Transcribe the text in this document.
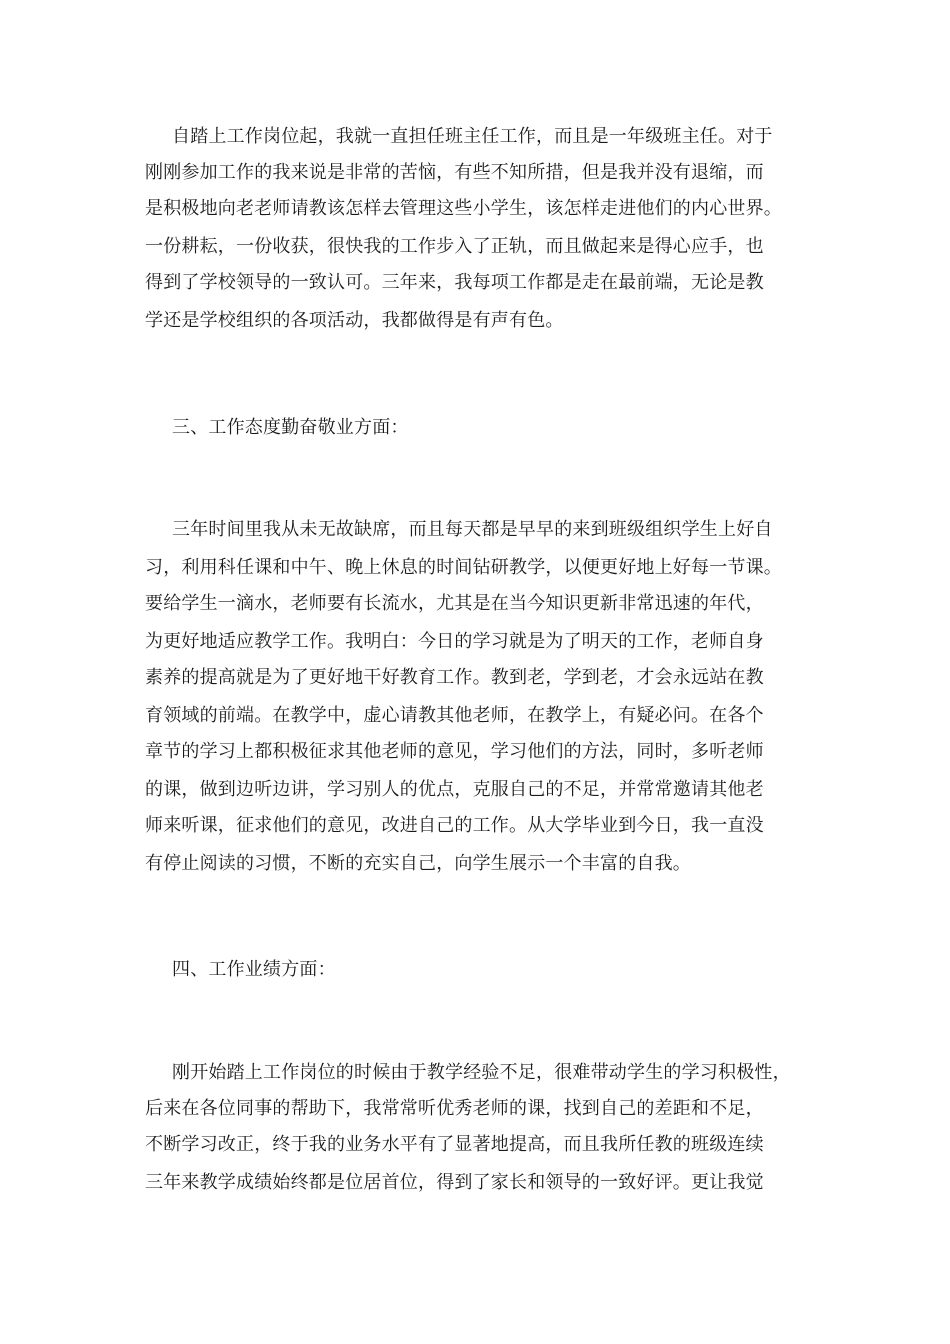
自踏上工作岗位起，我就一直担任班主任工作，而且是一年级班主任。对于
刚刚参加工作的我来说是非常的苦恼，有些不知所措，但是我并没有退缩，而
是积极地向老老师请教该怎样去管理这些小学生，该怎样走进他们的内心世界。
一份耕耘，一份收获，很快我的工作步入了正轨，而且做起来是得心应手，也
得到了学校领导的一致认可。三年来，我每项工作都是走在最前端，无论是教
学还是学校组织的各项活动，我都做得是有声有色。
三、工作态度勤奋敬业方面：
三年时间里我从未无故缺席，而且每天都是早早的来到班级组织学生上好自
习，利用科任课和中午、晚上休息的时间钻研教学，以便更好地上好每一节课。
要给学生一滴水，老师要有长流水，尤其是在当今知识更新非常迅速的年代，
为更好地适应教学工作。我明白：今日的学习就是为了明天的工作，老师自身
素养的提高就是为了更好地干好教育工作。教到老，学到老，才会永远站在教
育领域的前端。在教学中，虚心请教其他老师，在教学上，有疑必问。在各个
章节的学习上都积极征求其他老师的意见，学习他们的方法，同时，多听老师
的课，做到边听边讲，学习别人的优点，克服自己的不足，并常常邀请其他老
师来听课，征求他们的意见，改进自己的工作。从大学毕业到今日，我一直没
有停止阅读的习惯，不断的充实自己，向学生展示一个丰富的自我。
四、工作业绩方面：
刚开始踏上工作岗位的时候由于教学经验不足，很难带动学生的学习积极性，
后来在各位同事的帮助下，我常常听优秀老师的课，找到自己的差距和不足，
不断学习改正，终于我的业务水平有了显著地提高，而且我所任教的班级连续
三年来教学成绩始终都是位居首位，得到了家长和领导的一致好评。更让我觉
